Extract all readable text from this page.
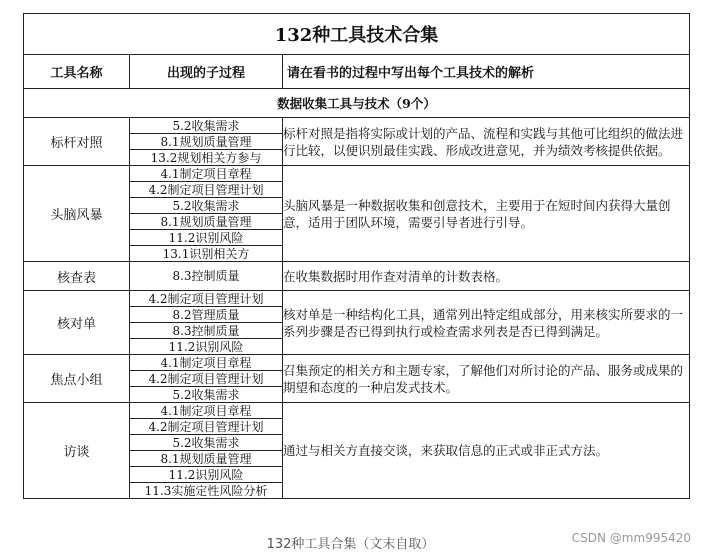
132种工具技术合集		
工具名称	出现的子过程	请在看书的过程中写出每个工具技术的解析
数据收集工具与技术（9个）		
标杆对照	5.2收集需求	标杆对照是指将实际或计划的产品、流程和实践与其他可比组织的做法进行比较，以便识别最佳实践、形成改进意见，并为绩效考核提供依据。
	8.1规划质量管理	
	13.2规划相关方参与	
头脑风暴	4.1制定项目章程	头脑风暴是一种数据收集和创意技术，主要用于在短时间内获得大量创意，适用于团队环境，需要引导者进行引导。
	4.2制定项目管理计划	
	5.2收集需求	
	8.1规划质量管理	
	11.2识别风险	
	13.1识别相关方	
核查表	8.3控制质量	在收集数据时用作查对清单的计数表格。
核对单	4.2制定项目管理计划	核对单是一种结构化工具，通常列出特定组成部分，用来核实所要求的一系列步骤是否已得到执行或检查需求列表是否已得到满足。
	8.2管理质量	
	8.3控制质量	
	11.2识别风险	
焦点小组	4.1制定项目章程	召集预定的相关方和主题专家，了解他们对所讨论的产品、服务或成果的期望和态度的一种启发式技术。
	4.2制定项目管理计划	
	5.2收集需求	
访谈	4.1制定项目章程	通过与相关方直接交谈，来获取信息的正式或非正式方法。
	4.2制定项目管理计划	
	5.2收集需求	
	8.1规划质量管理	
	11.2识别风险	
	11.3实施定性风险分析	
132种工具合集（文末自取）	CSDN @mm995420
